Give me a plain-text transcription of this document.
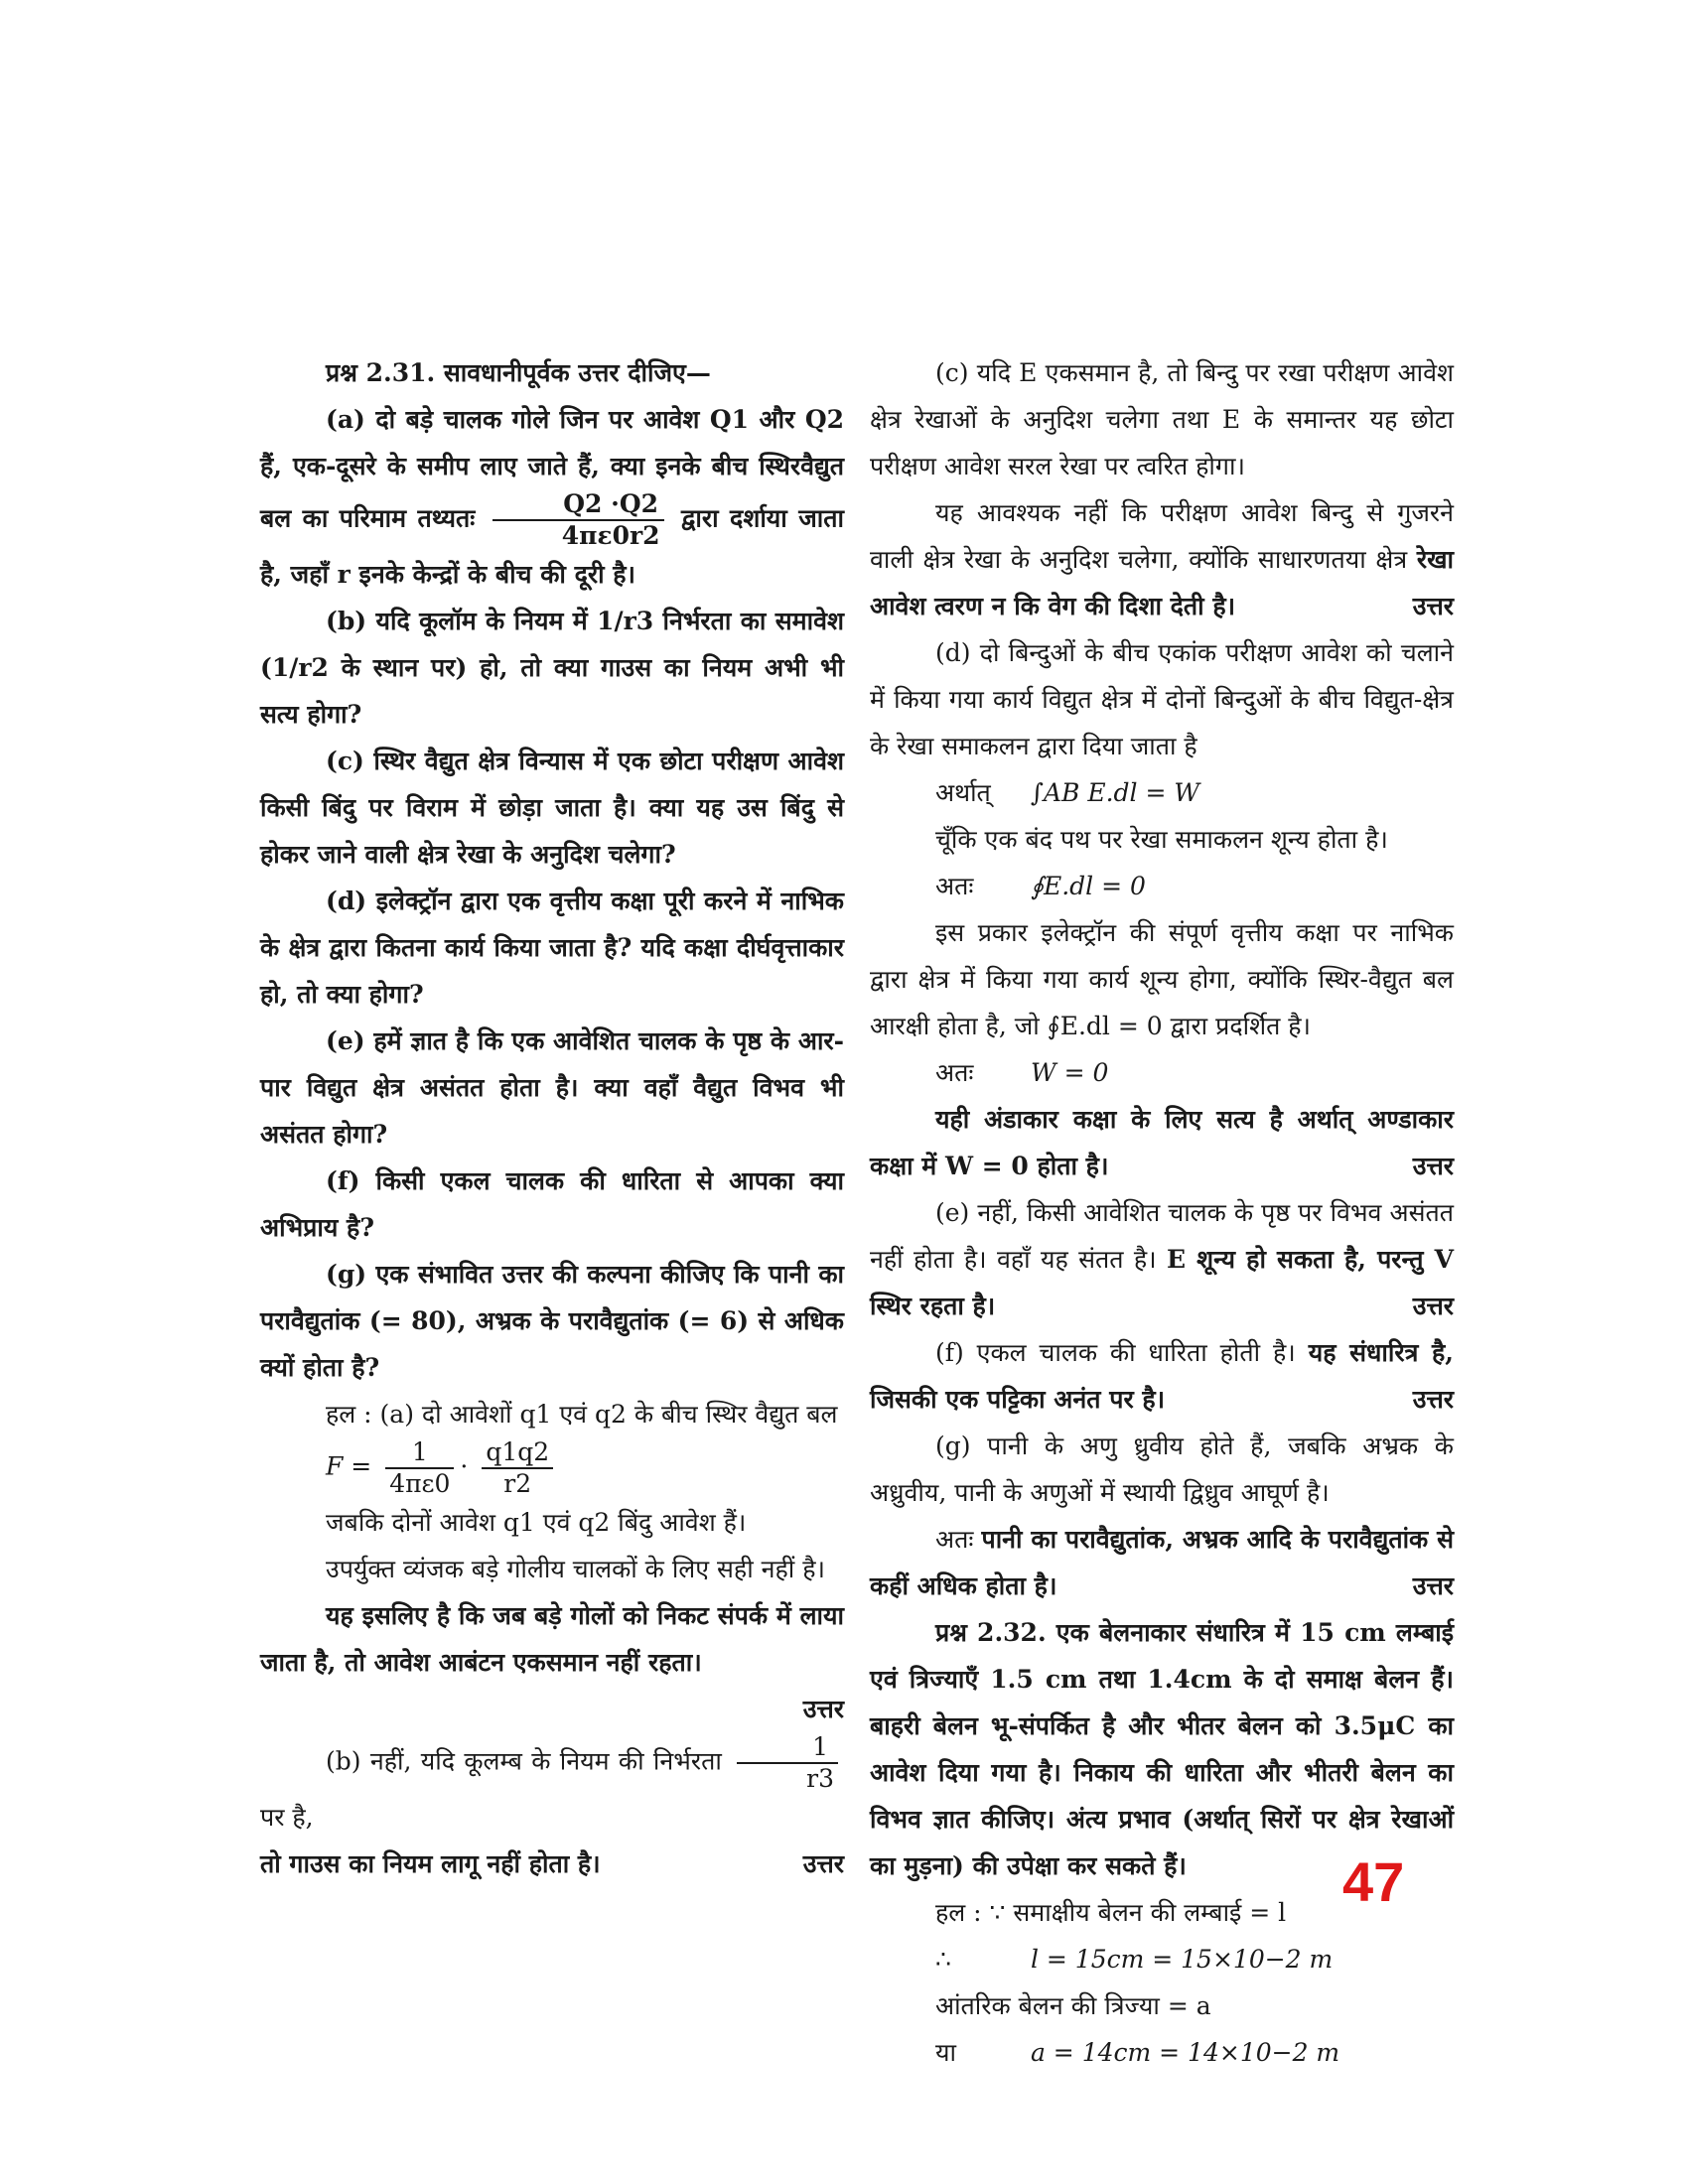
प्रश्न 2.31. सावधानीपूर्वक उत्तर दीजिए—

(a) दो बड़े चालक गोले जिन पर आवेश Q1 और Q2 हैं, एक-दूसरे के समीप लाए जाते हैं, क्या इनके बीच स्थिरवैद्युत बल का परिमाम तथ्यतः $\frac{Q2 \cdot Q2}{4\pi\varepsilon 0r2}$ द्वारा दर्शाया जाता है, जहाँ r इनके केन्द्रों के बीच की दूरी है।

(b) यदि कूलॉम के नियम में 1/r3 निर्भरता का समावेश (1/r2 के स्थान पर) हो, तो क्या गाउस का नियम अभी भी सत्य होगा?

(c) स्थिर वैद्युत क्षेत्र विन्यास में एक छोटा परीक्षण आवेश किसी बिंदु पर विराम में छोड़ा जाता है। क्या यह उस बिंदु से होकर जाने वाली क्षेत्र रेखा के अनुदिश चलेगा?

(d) इलेक्ट्रॉन द्वारा एक वृत्तीय कक्षा पूरी करने में नाभिक के क्षेत्र द्वारा कितना कार्य किया जाता है? यदि कक्षा दीर्घवृत्ताकार हो, तो क्या होगा?

(e) हमें ज्ञात है कि एक आवेशित चालक के पृष्ठ के आर-पार विद्युत क्षेत्र असंतत होता है। क्या वहाँ वैद्युत विभव भी असंतत होगा?

(f) किसी एकल चालक की धारिता से आपका क्या अभिप्राय है?

(g) एक संभावित उत्तर की कल्पना कीजिए कि पानी का परावैद्युतांक (= 80), अभ्रक के परावैद्युतांक (= 6) से अधिक क्यों होता है?

हल : (a) दो आवेशों q1 एवं q2 के बीच स्थिर वैद्युत बल

$F = \frac{1}{4\pi\varepsilon 0} \cdot \frac{q1q2}{r2}$

जबकि दोनों आवेश q1 एवं q2 बिंदु आवेश हैं।

उपर्युक्त व्यंजक बड़े गोलीय चालकों के लिए सही नहीं है।

यह इसलिए है कि जब बड़े गोलों को निकट संपर्क में लाया जाता है, तो आवेश आबंटन एकसमान नहीं रहता।

उत्तर

(b) नहीं, यदि कूलम्ब के नियम की निर्भरता $\frac{1}{r3}$
पर है,

तो गाउस का नियम लागू नहीं होता है।	उत्तर

(c) यदि E एकसमान है, तो बिन्दु पर रखा परीक्षण आवेश क्षेत्र रेखाओं के अनुदिश चलेगा तथा E के समान्तर यह छोटा परीक्षण आवेश सरल रेखा पर त्वरित होगा।

यह आवश्यक नहीं कि परीक्षण आवेश बिन्दु से गुजरने वाली क्षेत्र रेखा के अनुदिश चलेगा, क्योंकि साधारणतया क्षेत्र रेखा आवेश त्वरण न कि वेग की दिशा देती है।	उत्तर

(d) दो बिन्दुओं के बीच एकांक परीक्षण आवेश को चलाने में किया गया कार्य विद्युत क्षेत्र में दोनों बिन्दुओं के बीच विद्युत-क्षेत्र के रेखा समाकलन द्वारा दिया जाता है

अर्थात् ∫AB E.dl = W

चूँकि एक बंद पथ पर रेखा समाकलन शून्य होता है।

अतः ∮E.dl = 0

इस प्रकार इलेक्ट्रॉन की संपूर्ण वृत्तीय कक्षा पर नाभिक द्वारा क्षेत्र में किया गया कार्य शून्य होगा, क्योंकि स्थिर-वैद्युत बल आरक्षी होता है, जो ∮E.dl = 0 द्वारा प्रदर्शित है।

अतः W = 0

यही अंडाकार कक्षा के लिए सत्य है अर्थात् अण्डाकार कक्षा में W = 0 होता है।	उत्तर

(e) नहीं, किसी आवेशित चालक के पृष्ठ पर विभव असंतत नहीं होता है। वहाँ यह संतत है। E शून्य हो सकता है, परन्तु V स्थिर रहता है।	उत्तर

(f) एकल चालक की धारिता होती है। यह संधारित्र है, जिसकी एक पट्टिका अनंत पर है।	उत्तर

(g) पानी के अणु ध्रुवीय होते हैं, जबकि अभ्रक के अध्रुवीय, पानी के अणुओं में स्थायी द्विध्रुव आघूर्ण है।

अतः पानी का परावैद्युतांक, अभ्रक आदि के परावैद्युतांक से कहीं अधिक होता है।	उत्तर

प्रश्न 2.32. एक बेलनाकार संधारित्र में 15 cm लम्बाई एवं त्रिज्याएँ 1.5 cm तथा 1.4cm के दो समाक्ष बेलन हैं। बाहरी बेलन भू-संपर्कित है और भीतर बेलन को 3.5μC का आवेश दिया गया है। निकाय की धारिता और भीतरी बेलन का विभव ज्ञात कीजिए। अंत्य प्रभाव (अर्थात् सिरों पर क्षेत्र रेखाओं का मुड़ना) की उपेक्षा कर सकते हैं।

हल : ∵ समाक्षीय बेलन की लम्बाई = l

∴	l = 15cm = 15×10−2 m

आंतरिक बेलन की त्रिज्या = a

या	a = 14cm = 14×10−2 m

47
